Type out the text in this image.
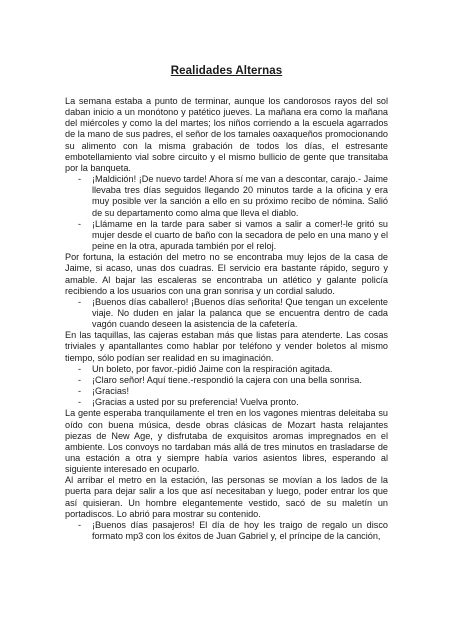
Realidades Alternas

La semana estaba a punto de terminar, aunque los candorosos rayos del sol daban inicio a un monótono y patético jueves. La mañana era como la mañana del miércoles y como la del martes; los niños corriendo a la escuela agarrados de la mano de sus padres, el señor de los tamales oaxaqueños promocionando su alimento con la misma grabación de todos los días, el estresante embotellamiento vial sobre circuito y el mismo bullicio de gente que transitaba por la banqueta.

- ¡Maldición! ¡De nuevo tarde! Ahora sí me van a descontar, carajo.- Jaime llevaba tres días seguidos llegando 20 minutos tarde a la oficina y era muy posible ver la sanción a ello en su próximo recibo de nómina. Salió de su departamento como alma que lleva el diablo.

- ¡Llámame en la tarde para saber si vamos a salir a comer!-le gritó su mujer desde el cuarto de baño con la secadora de pelo en una mano y el peine en la otra, apurada también por el reloj.

Por fortuna, la estación del metro no se encontraba muy lejos de la casa de Jaime, si acaso, unas dos cuadras. El servicio era bastante rápido, seguro y amable. Al bajar las escaleras se encontraba un atlético y galante policía recibiendo a los usuarios con una gran sonrisa y un cordial saludo.

- ¡Buenos días caballero! ¡Buenos días señorita! Que tengan un excelente viaje. No duden en jalar la palanca que se encuentra dentro de cada vagón cuando deseen la asistencia de la cafetería.

En las taquillas, las cajeras estaban más que listas para atenderte. Las cosas triviales y apantallantes como hablar por teléfono y vender boletos al mismo tiempo, sólo podían ser realidad en su imaginación.

- Un boleto, por favor.-pidió Jaime con la respiración agitada.

- ¡Claro señor! Aquí tiene.-respondió la cajera con una bella sonrisa.

- ¡Gracias!

- ¡Gracias a usted por su preferencia! Vuelva pronto.

La gente esperaba tranquilamente el tren en los vagones mientras deleitaba su oído con buena música, desde obras clásicas de Mozart hasta relajantes piezas de New Age, y disfrutaba de exquisitos aromas impregnados en el ambiente. Los convoys no tardaban más allá de tres minutos en trasladarse de una estación a otra y siempre había varios asientos libres, esperando al siguiente interesado en ocuparlo.

Al arribar el metro en la estación, las personas se movían a los lados de la puerta para dejar salir a los que así necesitaban y luego, poder entrar los que así quisieran. Un hombre elegantemente vestido, sacó de su maletín un portadiscos. Lo abrió para mostrar su contenido.

- ¡Buenos días pasajeros! El día de hoy les traigo de regalo un disco formato mp3 con los éxitos de Juan Gabriel y, el príncipe de la canción,
